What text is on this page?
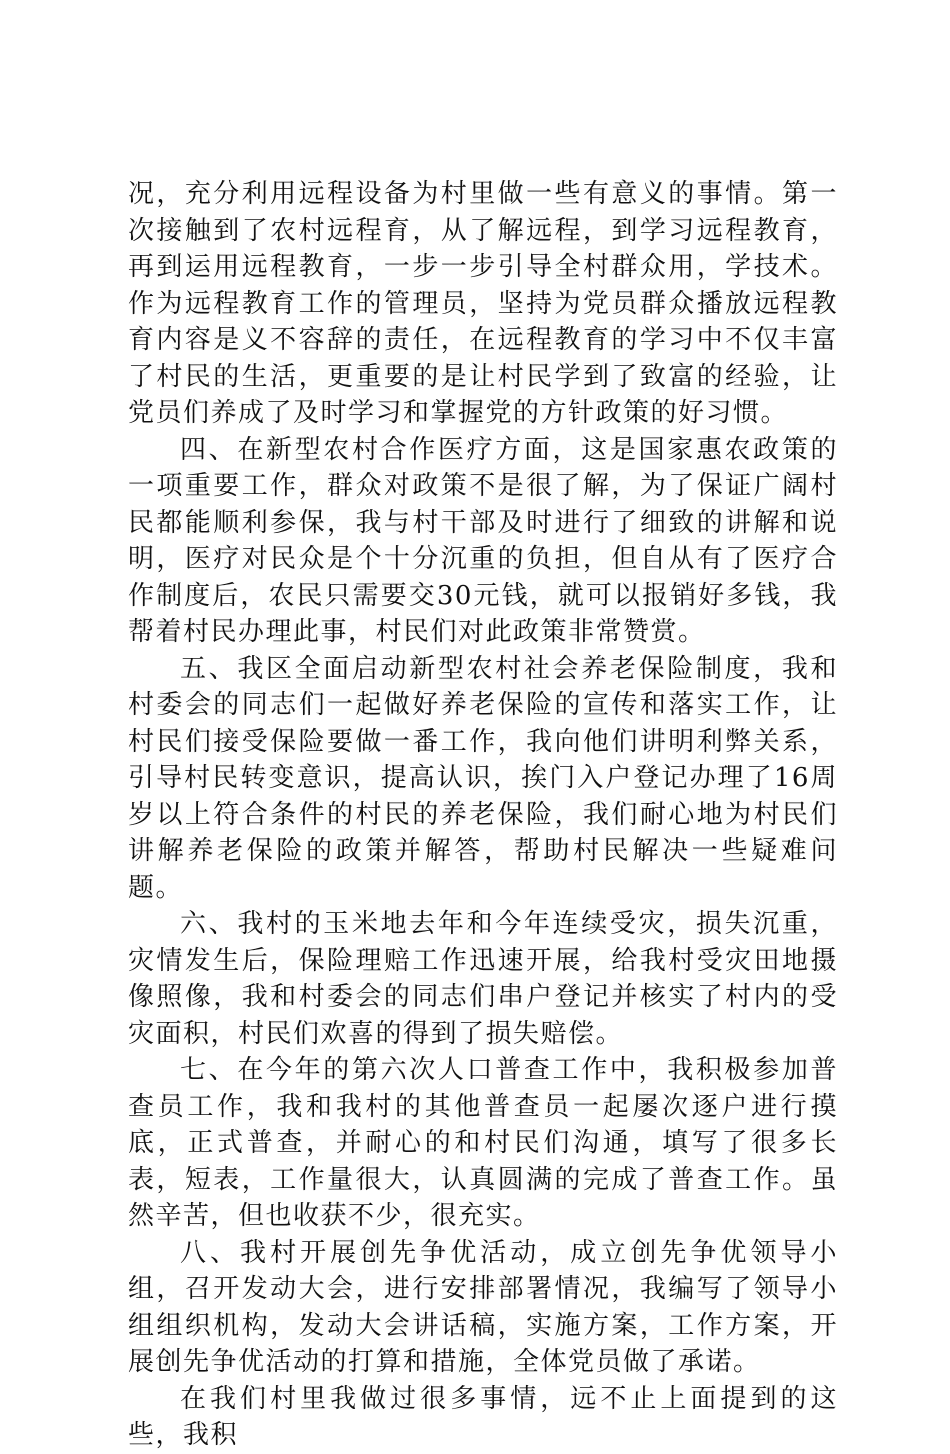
况，充分利用远程设备为村里做一些有意义的事情。第一次接触到了农村远程育，从了解远程，到学习远程教育，再到运用远程教育，一步一步引导全村群众用，学技术。作为远程教育工作的管理员，坚持为党员群众播放远程教育内容是义不容辞的责任，在远程教育的学习中不仅丰富了村民的生活，更重要的是让村民学到了致富的经验，让党员们养成了及时学习和掌握党的方针政策的好习惯。

四、在新型农村合作医疗方面，这是国家惠农政策的一项重要工作，群众对政策不是很了解，为了保证广阔村民都能顺利参保，我与村干部及时进行了细致的讲解和说明，医疗对民众是个十分沉重的负担，但自从有了医疗合作制度后，农民只需要交30元钱，就可以报销好多钱，我帮着村民办理此事，村民们对此政策非常赞赏。

五、我区全面启动新型农村社会养老保险制度，我和村委会的同志们一起做好养老保险的宣传和落实工作，让村民们接受保险要做一番工作，我向他们讲明利弊关系，引导村民转变意识，提高认识，挨门入户登记办理了16周岁以上符合条件的村民的养老保险，我们耐心地为村民们讲解养老保险的政策并解答，帮助村民解决一些疑难问题。

六、我村的玉米地去年和今年连续受灾，损失沉重，灾情发生后，保险理赔工作迅速开展，给我村受灾田地摄像照像，我和村委会的同志们串户登记并核实了村内的受灾面积，村民们欢喜的得到了损失赔偿。

七、在今年的第六次人口普查工作中，我积极参加普查员工作，我和我村的其他普查员一起屡次逐户进行摸底，正式普查，并耐心的和村民们沟通，填写了很多长表，短表，工作量很大，认真圆满的完成了普查工作。虽然辛苦，但也收获不少，很充实。

八、我村开展创先争优活动，成立创先争优领导小组，召开发动大会，进行安排部署情况，我编写了领导小组组织机构，发动大会讲话稿，实施方案，工作方案，开展创先争优活动的打算和措施，全体党员做了承诺。

在我们村里我做过很多事情，远不止上面提到的这些，我积
